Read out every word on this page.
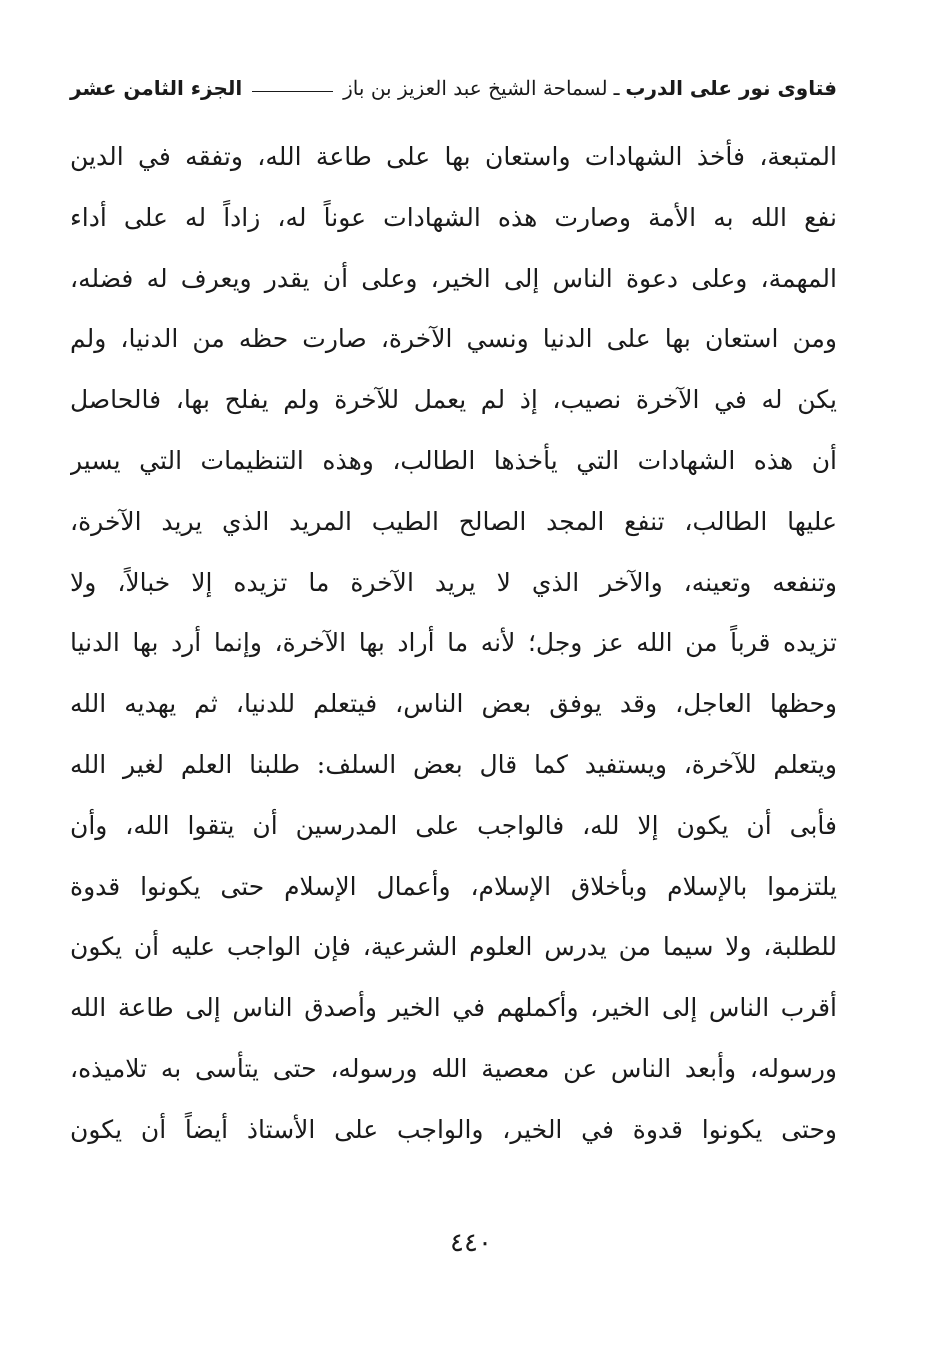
فتاوى نور على الدرب
ـ
لسماحة الشيخ عبد العزيز بن باز
الجزء الثامن عشر
المتبعة، فأخذ الشهادات واستعان بها على طاعة الله، وتفقه في الدين
نفع الله به الأمة وصارت هذه الشهادات عوناً له، زاداً له على أداء
المهمة، وعلى دعوة الناس إلى الخير، وعلى أن يقدر ويعرف له فضله،
ومن استعان بها على الدنيا ونسي الآخرة، صارت حظه من الدنيا، ولم
يكن له في الآخرة نصيب، إذ لم يعمل للآخرة ولم يفلح بها، فالحاصل
أن هذه الشهادات التي يأخذها الطالب، وهذه التنظيمات التي يسير
عليها الطالب، تنفع المجد الصالح الطيب المريد الذي يريد الآخرة،
وتنفعه وتعينه، والآخر الذي لا يريد الآخرة ما تزيده إلا خبالاً، ولا
تزيده قرباً من الله عز وجل؛ لأنه ما أراد بها الآخرة، وإنما أرد بها الدنيا
وحظها العاجل، وقد يوفق بعض الناس، فيتعلم للدنيا، ثم يهديه الله
ويتعلم للآخرة، ويستفيد كما قال بعض السلف: طلبنا العلم لغير الله
فأبى أن يكون إلا لله، فالواجب على المدرسين أن يتقوا الله، وأن
يلتزموا بالإسلام وبأخلاق الإسلام، وأعمال الإسلام حتى يكونوا قدوة
للطلبة، ولا سيما من يدرس العلوم الشرعية، فإن الواجب عليه أن يكون
أقرب الناس إلى الخير، وأكملهم في الخير وأصدق الناس إلى طاعة الله
ورسوله، وأبعد الناس عن معصية الله ورسوله، حتى يتأسى به تلاميذه،
وحتى يكونوا قدوة في الخير، والواجب على الأستاذ أيضاً أن يكون
٤٤٠
